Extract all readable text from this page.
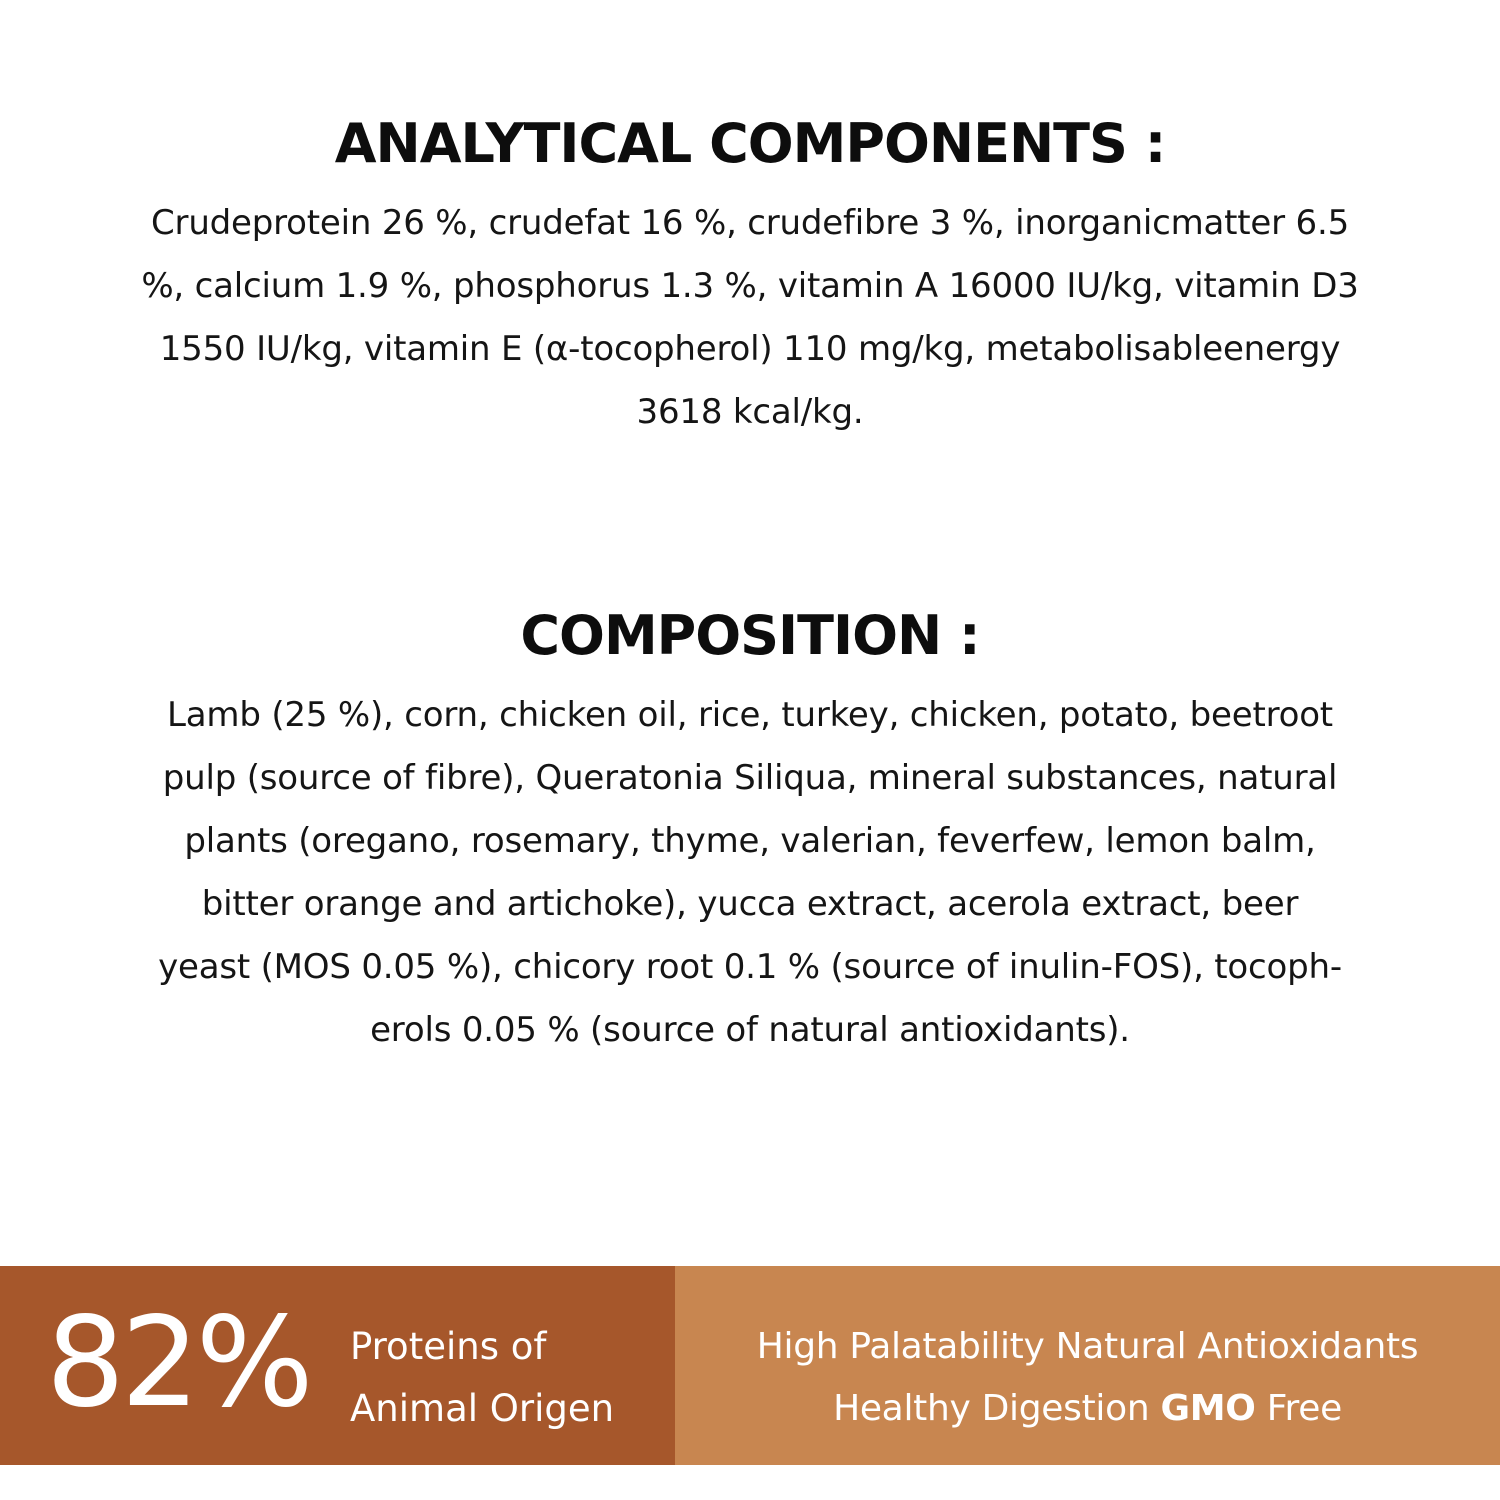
ANALYTICAL COMPONENTS :

Crudeprotein 26 %, crudefat 16 %, crudefibre 3 %, inorganicmatter 6.5
%, calcium 1.9 %, phosphorus 1.3 %, vitamin A 16000 IU/kg, vitamin D3
1550 IU/kg, vitamin E (α-tocopherol) 110 mg/kg, metabolisableenergy
3618 kcal/kg.

COMPOSITION :

Lamb (25 %), corn, chicken oil, rice, turkey, chicken, potato, beetroot
pulp (source of fibre), Queratonia Siliqua, mineral substances, natural
plants (oregano, rosemary, thyme, valerian, feverfew, lemon balm,
bitter orange and artichoke), yucca extract, acerola extract, beer
yeast (MOS 0.05 %), chicory root 0.1 % (source of inulin-FOS), tocoph-
erols 0.05 % (source of natural antioxidants).

82% Proteins of
Animal Origen
High Palatability Natural Antioxidants
Healthy Digestion GMO Free
